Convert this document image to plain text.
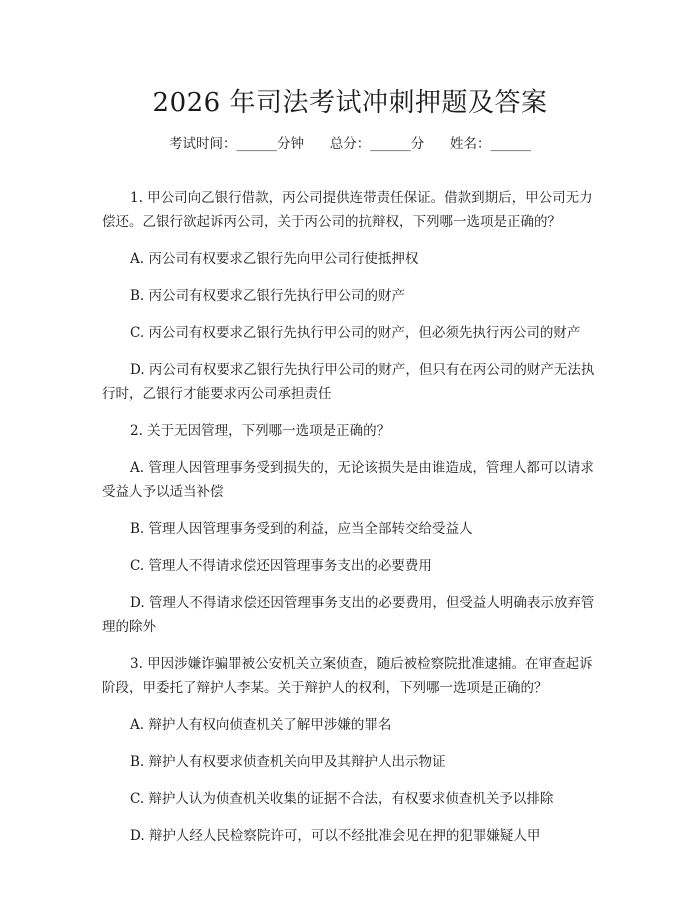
2026 年司法考试冲刺押题及答案
考试时间：______分钟      总分：______分      姓名：______

1. 甲公司向乙银行借款，丙公司提供连带责任保证。借款到期后，甲公司无力偿还。乙银行欲起诉丙公司，关于丙公司的抗辩权，下列哪一选项是正确的？

A. 丙公司有权要求乙银行先向甲公司行使抵押权

B. 丙公司有权要求乙银行先执行甲公司的财产

C. 丙公司有权要求乙银行先执行甲公司的财产，但必须先执行丙公司的财产

D. 丙公司有权要求乙银行先执行甲公司的财产，但只有在丙公司的财产无法执行时，乙银行才能要求丙公司承担责任

2. 关于无因管理，下列哪一选项是正确的？

A. 管理人因管理事务受到损失的，无论该损失是由谁造成，管理人都可以请求受益人予以适当补偿

B. 管理人因管理事务受到的利益，应当全部转交给受益人

C. 管理人不得请求偿还因管理事务支出的必要费用

D. 管理人不得请求偿还因管理事务支出的必要费用，但受益人明确表示放弃管理的除外

3. 甲因涉嫌诈骗罪被公安机关立案侦查，随后被检察院批准逮捕。在审查起诉阶段，甲委托了辩护人李某。关于辩护人的权利，下列哪一选项是正确的？

A. 辩护人有权向侦查机关了解甲涉嫌的罪名

B. 辩护人有权要求侦查机关向甲及其辩护人出示物证

C. 辩护人认为侦查机关收集的证据不合法，有权要求侦查机关予以排除

D. 辩护人经人民检察院许可，可以不经批准会见在押的犯罪嫌疑人甲
